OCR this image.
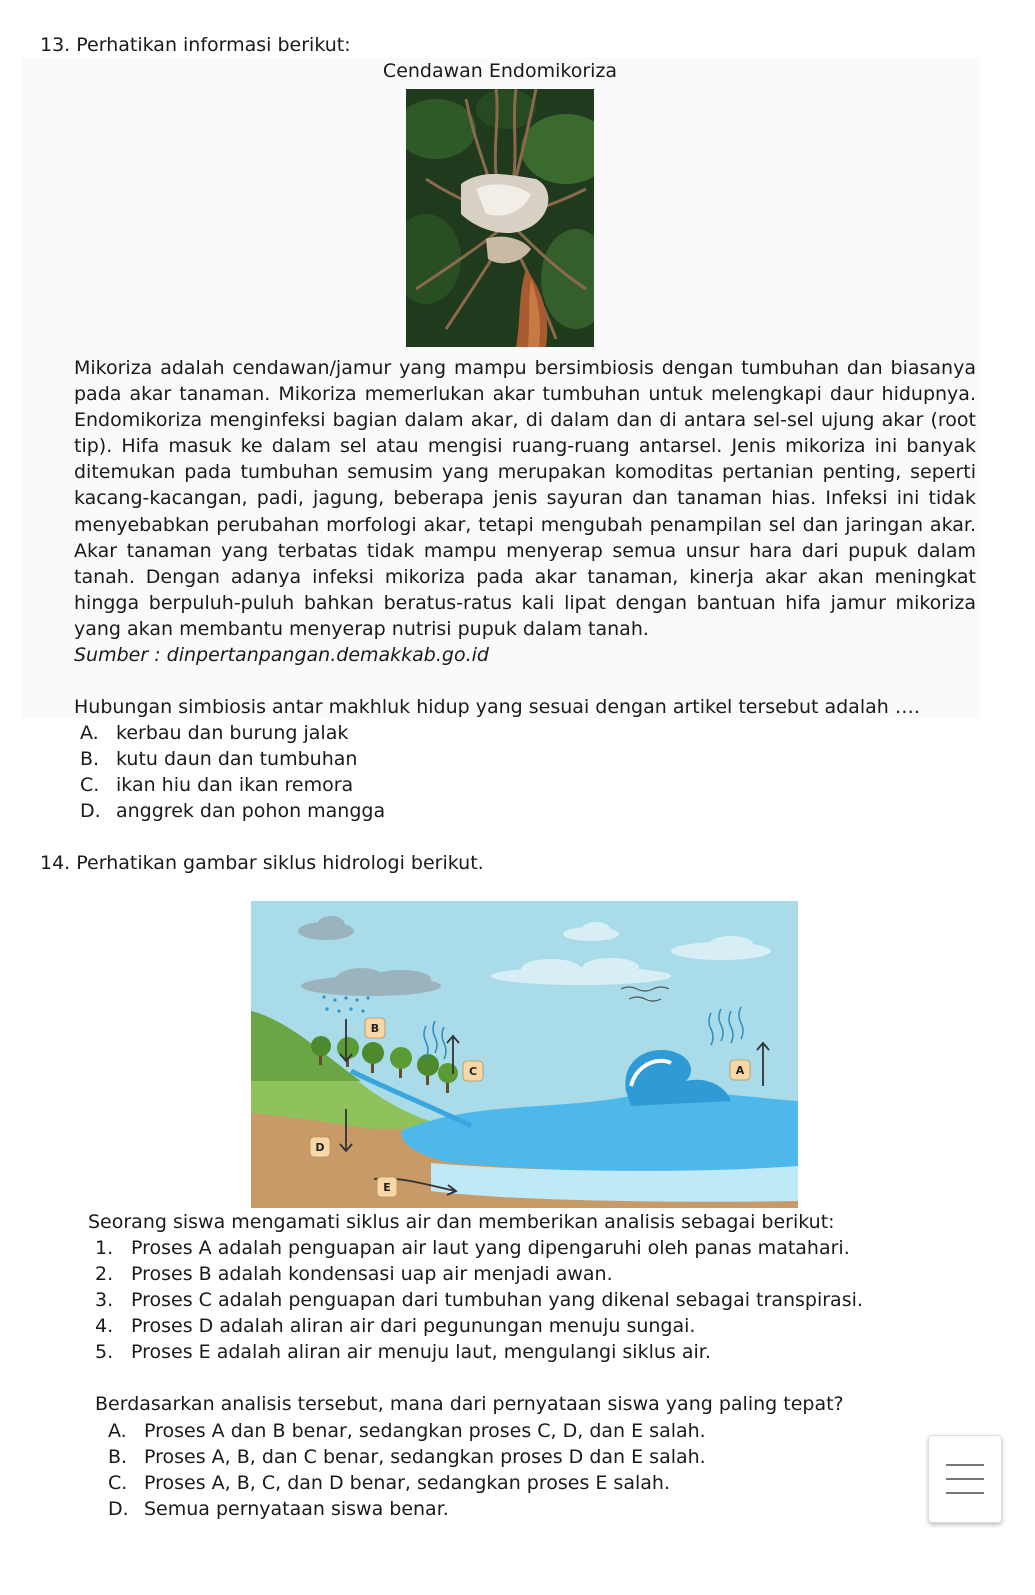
13. Perhatikan informasi berikut:
Cendawan Endomikoriza
Mikoriza adalah cendawan/jamur yang mampu bersimbiosis dengan tumbuhan dan biasanya
pada akar tanaman. Mikoriza memerlukan akar tumbuhan untuk melengkapi daur hidupnya.
Endomikoriza menginfeksi bagian dalam akar, di dalam dan di antara sel-sel ujung akar (root
tip). Hifa masuk ke dalam sel atau mengisi ruang-ruang antarsel. Jenis mikoriza ini banyak
ditemukan pada tumbuhan semusim yang merupakan komoditas pertanian penting, seperti
kacang-kacangan, padi, jagung, beberapa jenis sayuran dan tanaman hias. Infeksi ini tidak
menyebabkan perubahan morfologi akar, tetapi mengubah penampilan sel dan jaringan akar.
Akar tanaman yang terbatas tidak mampu menyerap semua unsur hara dari pupuk dalam
tanah. Dengan adanya infeksi mikoriza pada akar tanaman, kinerja akar akan meningkat
hingga berpuluh-puluh bahkan beratus-ratus kali lipat dengan bantuan hifa jamur mikoriza
yang akan membantu menyerap nutrisi pupuk dalam tanah.
Sumber : dinpertanpangan.demakkab.go.id
Hubungan simbiosis antar makhluk hidup yang sesuai dengan artikel tersebut adalah ….
A. kerbau dan burung jalak
B. kutu daun dan tumbuhan
C. ikan hiu dan ikan remora
D. anggrek dan pohon mangga
14. Perhatikan gambar siklus hidrologi berikut.
A
B
C
D
E
Seorang siswa mengamati siklus air dan memberikan analisis sebagai berikut:
1. Proses A adalah penguapan air laut yang dipengaruhi oleh panas matahari.
2. Proses B adalah kondensasi uap air menjadi awan.
3. Proses C adalah penguapan dari tumbuhan yang dikenal sebagai transpirasi.
4. Proses D adalah aliran air dari pegunungan menuju sungai.
5. Proses E adalah aliran air menuju laut, mengulangi siklus air.
Berdasarkan analisis tersebut, mana dari pernyataan siswa yang paling tepat?
A. Proses A dan B benar, sedangkan proses C, D, dan E salah.
B. Proses A, B, dan C benar, sedangkan proses D dan E salah.
C. Proses A, B, C, dan D benar, sedangkan proses E salah.
D. Semua pernyataan siswa benar.
